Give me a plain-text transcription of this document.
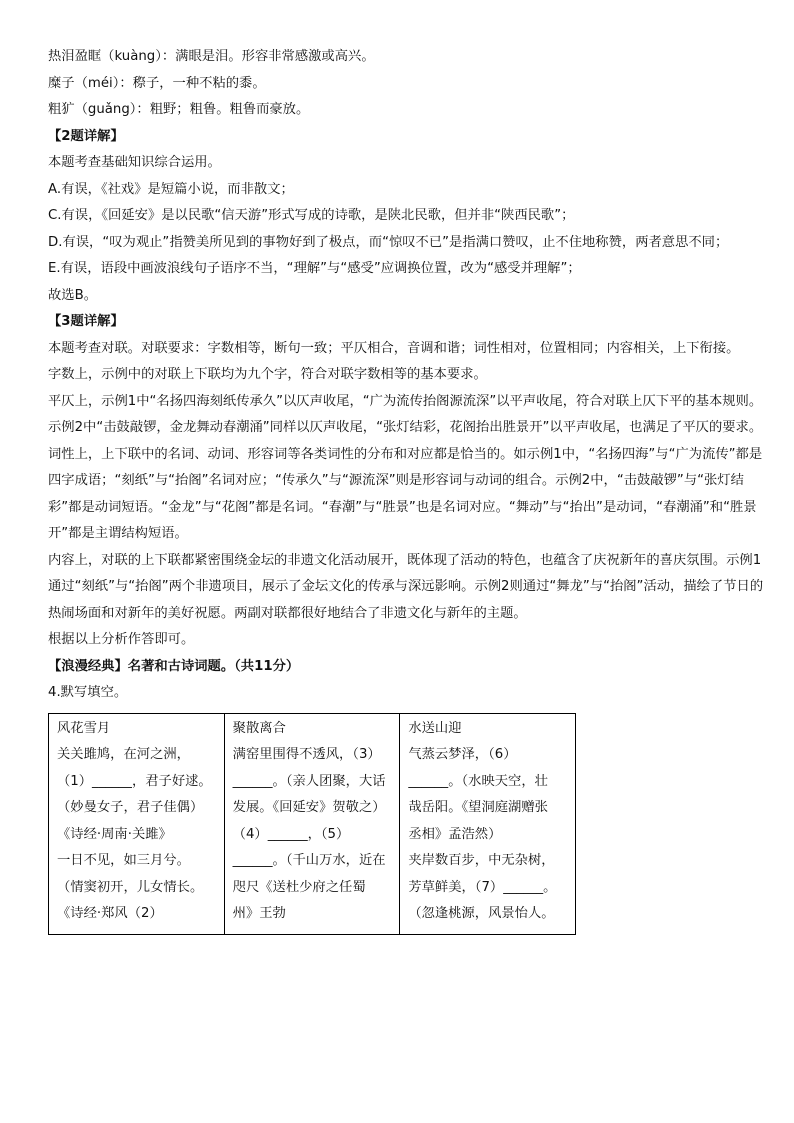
热泪盈眶（kuàng）：满眼是泪。形容非常感激或高兴。
糜子（méi）：穄子，一种不粘的黍。
粗犷（guǎng）：粗野；粗鲁。粗鲁而豪放。
【2题详解】
本题考查基础知识综合运用。
A.有误，《社戏》是短篇小说，而非散文；
C.有误，《回延安》是以民歌“信天游”形式写成的诗歌，是陕北民歌，但并非“陕西民歌”；
D.有误，“叹为观止”指赞美所见到的事物好到了极点，而“惊叹不已”是指满口赞叹，止不住地称赞，两者意思不同；
E.有误，语段中画波浪线句子语序不当，“理解”与“感受”应调换位置，改为“感受并理解”；
故选B。
【3题详解】
本题考查对联。对联要求：字数相等，断句一致；平仄相合，音调和谐；词性相对，位置相同；内容相关，上下衔接。
字数上，示例中的对联上下联均为九个字，符合对联字数相等的基本要求。
平仄上，示例1中“名扬四海刻纸传承久”以仄声收尾，“广为流传抬阁源流深”以平声收尾，符合对联上仄下平的基本规则。示例2中“击鼓敲锣，金龙舞动春潮涌”同样以仄声收尾，“张灯结彩，花阁抬出胜景开”以平声收尾，也满足了平仄的要求。
词性上，上下联中的名词、动词、形容词等各类词性的分布和对应都是恰当的。如示例1中，“名扬四海”与“广为流传”都是四字成语；“刻纸”与“抬阁”名词对应；“传承久”与“源流深”则是形容词与动词的组合。示例2中，“击鼓敲锣”与“张灯结彩”都是动词短语。“金龙”与“花阁”都是名词。“春潮”与“胜景”也是名词对应。“舞动”与“抬出”是动词，“春潮涌”和“胜景开”都是主谓结构短语。
内容上，对联的上下联都紧密围绕金坛的非遗文化活动展开，既体现了活动的特色，也蕴含了庆祝新年的喜庆氛围。示例1通过“刻纸”与“抬阁”两个非遗项目，展示了金坛文化的传承与深远影响。示例2则通过“舞龙”与“抬阁”活动，描绘了节日的热闹场面和对新年的美好祝愿。两副对联都很好地结合了非遗文化与新年的主题。
根据以上分析作答即可。
【浪漫经典】名著和古诗词题。（共11分）
4.默写填空。
风花雪月
关关雎鸠，在河之洲，
（1）______，君子好逑。
（妙曼女子，君子佳偶）
《诗经·周南·关雎》
一日不见，如三月兮。
（情窦初开，儿女情长。
《诗经·郑风（2）

聚散离合
满窑里围得不透风，（3）
______。（亲人团聚，大话
发展。《回延安》贺敬之）
（4）______，（5）
______。（千山万水，近在
咫尺《送杜少府之任蜀
州》王勃

水送山迎
气蒸云梦泽，（6）
______。（水映天空，壮
哉岳阳。《望洞庭湖赠张
丞相》孟浩然）
夹岸数百步，中无杂树，
芳草鲜美，（7）______。
（忽逢桃源，风景怡人。
